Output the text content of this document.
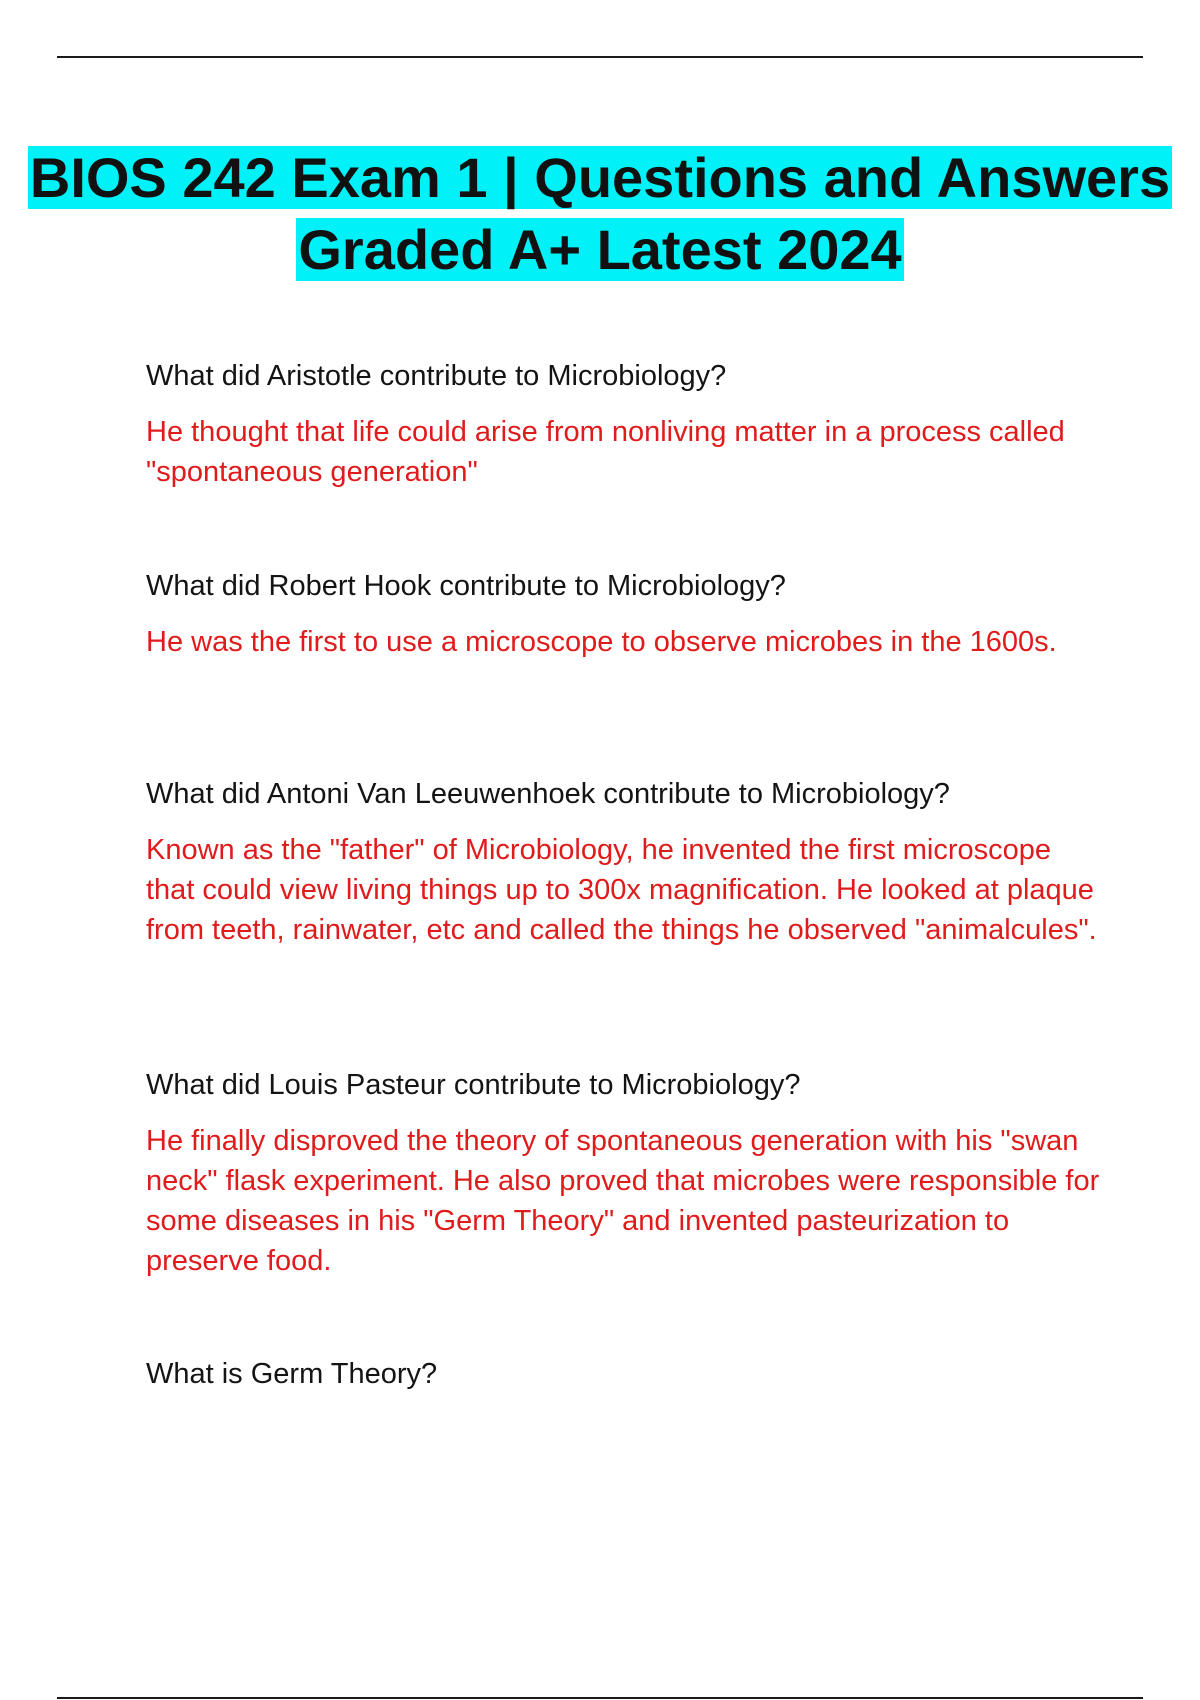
BIOS 242 Exam 1 | Questions and Answers Graded A+ Latest 2024

What did Aristotle contribute to Microbiology?

He thought that life could arise from nonliving matter in a process called "spontaneous generation"

What did Robert Hook contribute to Microbiology?

He was the first to use a microscope to observe microbes in the 1600s.

What did Antoni Van Leeuwenhoek contribute to Microbiology?

Known as the "father" of Microbiology, he invented the first microscope that could view living things up to 300x magnification. He looked at plaque from teeth, rainwater, etc and called the things he observed "animalcules".

What did Louis Pasteur contribute to Microbiology?

He finally disproved the theory of spontaneous generation with his "swan neck" flask experiment. He also proved that microbes were responsible for some diseases in his "Germ Theory" and invented pasteurization to preserve food.

What is Germ Theory?
